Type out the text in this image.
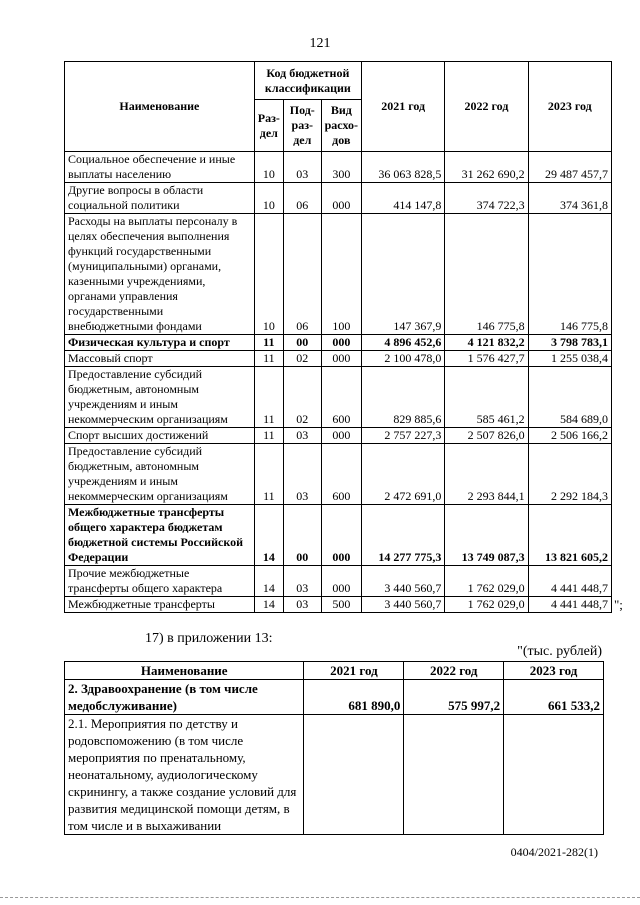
121
Наименование	Код бюджетной классификации			2021 год	2022 год	2023 год
	Раз-дел	Под-раз-дел	Вид расхо-дов			
Социальное обеспечение и иные выплаты населению	10	03	300	36 063 828,5	31 262 690,2	29 487 457,7
Другие вопросы в области социальной политики	10	06	000	414 147,8	374 722,3	374 361,8
Расходы на выплаты персоналу в целях обеспечения выполнения функций государственными (муниципальными) органами, казенными учреждениями, органами управления государственными внебюджетными фондами	10	06	100	147 367,9	146 775,8	146 775,8
Физическая культура и спорт	11	00	000	4 896 452,6	4 121 832,2	3 798 783,1
Массовый спорт	11	02	000	2 100 478,0	1 576 427,7	1 255 038,4
Предоставление субсидий бюджетным, автономным учреждениям и иным некоммерческим организациям	11	02	600	829 885,6	585 461,2	584 689,0
Спорт высших достижений	11	03	000	2 757 227,3	2 507 826,0	2 506 166,2
Предоставление субсидий бюджетным, автономным учреждениям и иным некоммерческим организациям	11	03	600	2 472 691,0	2 293 844,1	2 292 184,3
Межбюджетные трансферты общего характера бюджетам бюджетной системы Российской Федерации	14	00	000	14 277 775,3	13 749 087,3	13 821 605,2
Прочие межбюджетные трансферты общего характера	14	03	000	3 440 560,7	1 762 029,0	4 441 448,7
Межбюджетные трансферты	14	03	500	3 440 560,7	1 762 029,0	4 441 448,7 ";
17) в приложении 13:
"(тыс. рублей)
Наименование	2021 год	2022 год	2023 год
2. Здравоохранение (в том числе медобслуживание)	681 890,0	575 997,2	661 533,2
2.1. Мероприятия по детству и родовспоможению (в том числе мероприятия по пренатальному, неонатальному, аудиологическому скринингу, а также создание условий для развития медицинской помощи детям, в том числе и в выхаживании			
0404/2021-282(1)
